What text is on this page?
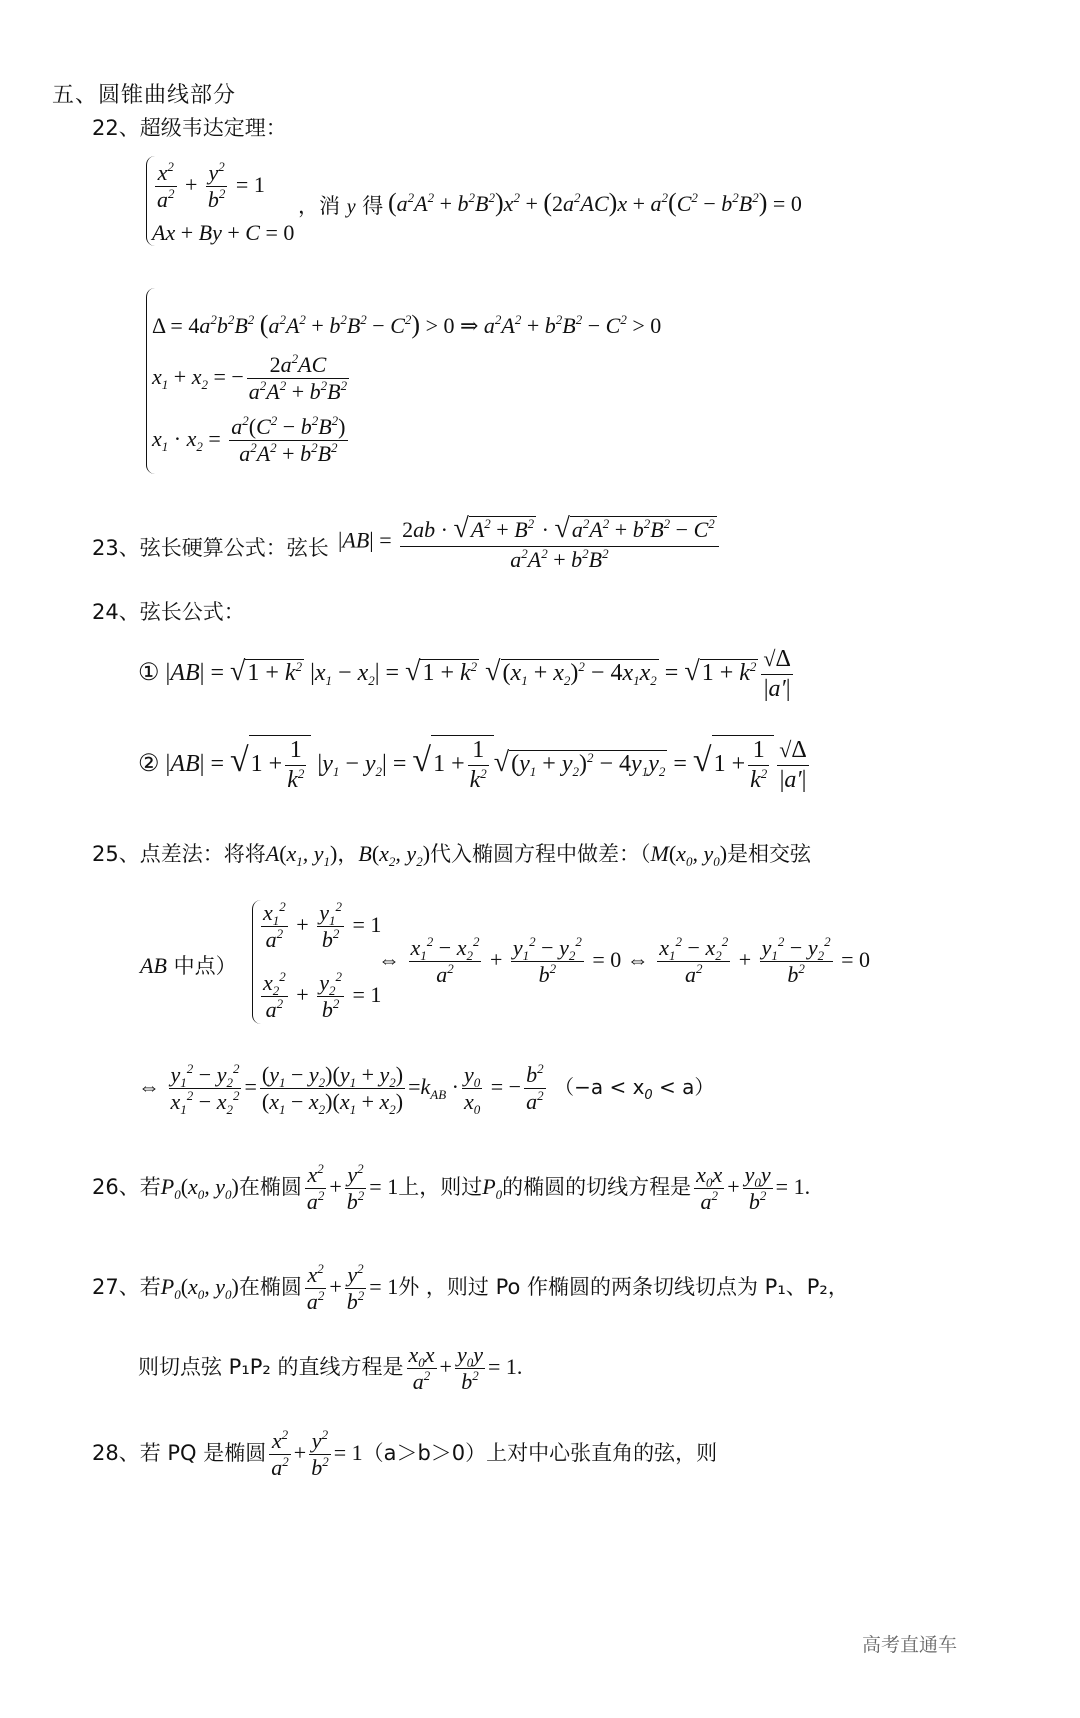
五、圆锥曲线部分
22、超级韦达定理：
$\frac{x^2}{a^2} + \frac{y^2}{b^2} = 1$
Ax + By + C = 0
，消 y 得 $(a^2A^2 + b^2B^2)x^2 + (2a^2AC)x + a^2(C^2 - b^2B^2) = 0$
$\Delta = 4a^2b^2B^2$ $(a^2A^2 + b^2B^2 - C^2) > 0$ ⇒ $a^2A^2 + b^2B^2 - C^2 > 0$
$x_1 + x_2$ = − $\frac{2a^2AC}{a^2A^2 + b^2B^2}$
$x_1 \cdot x_2 = \frac{a^2(C^2 - b^2B^2)}{a^2A^2 + b^2B^2}$
23、弦长硬算公式：弦长 $|AB| = \frac{2ab \cdot √A^2 + B^2 \cdot √a^2A^2 + b^2B^2 - C^2}{a^2A^2 + b^2B^2}$
24、弦长公式：
① $|AB| = √1 + k^2$ $|x_1 - x_2| = √1 + k^2$ $√(x_1 + x_2)^2 - 4x_1x_2 = √1 + k^2 \frac{√\Delta}{|a'|}$
② $|AB| = √1 + \frac{1}{k^2} |y_1 - y_2| = √1 + \frac{1}{k^2} √(y_1 + y_2)^2 - 4y_1y_2 = √1 + \frac{1}{k^2} \frac{√\Delta}{|a'|}$
25、点差法：将将$A(x_1$, $y_1$)，$B(x_2$, $y_2$)代入椭圆方程中做差：（$M(x_0$, $y_0$)是相交弦
AB 中点）
$\frac{x_1^2}{a^2} + \frac{y_1^2}{b^2} = 1$
$\frac{x_2^2}{a^2} + \frac{y_2^2}{b^2} = 1$
⇔ $\frac{x_1^2 - x_2^2}{a^2} + \frac{y_1^2 - y_2^2}{b^2} = 0$ ⇔ $\frac{x_1^2 - x_2^2}{a^2} + \frac{y_1^2 - y_2^2}{b^2} = 0$
⇔ $\frac{y_1^2 - y_2^2}{x_1^2 - x_2^2} = \frac{(y_1 - y_2)(y_1 + y_2)}{(x_1 - x_2)(x_1 + x_2)} =k_{AB} \cdot \frac{y_0}{x_0}$ = − $\frac{b^2}{a^2} (-a < x_0 < a)$
26、若$P_0(x_0$, $y_0$)在椭圆 $\frac{x^2}{a^2} + \frac{y^2}{b^2} = 1$上，则过$P_0$的椭圆的切线方程是 $\frac{x_0x}{a^2} + \frac{y_0y}{b^2} = 1$.
27、若$P_0(x_0$, $y_0$)在椭圆 $\frac{x^2}{a^2} + \frac{y^2}{b^2} = 1$外 ，则过 Po 作椭圆的两条切线切点为 P₁、P₂，
则切点弦 P₁P₂ 的直线方程是 $\frac{x_0x}{a^2} + \frac{y_0y}{b^2} = 1$.
28、若 PQ 是椭圆 $\frac{x^2}{a^2} + \frac{y^2}{b^2} = 1(a>b>0)$上对中心张直角的弦，则
高考直通车
